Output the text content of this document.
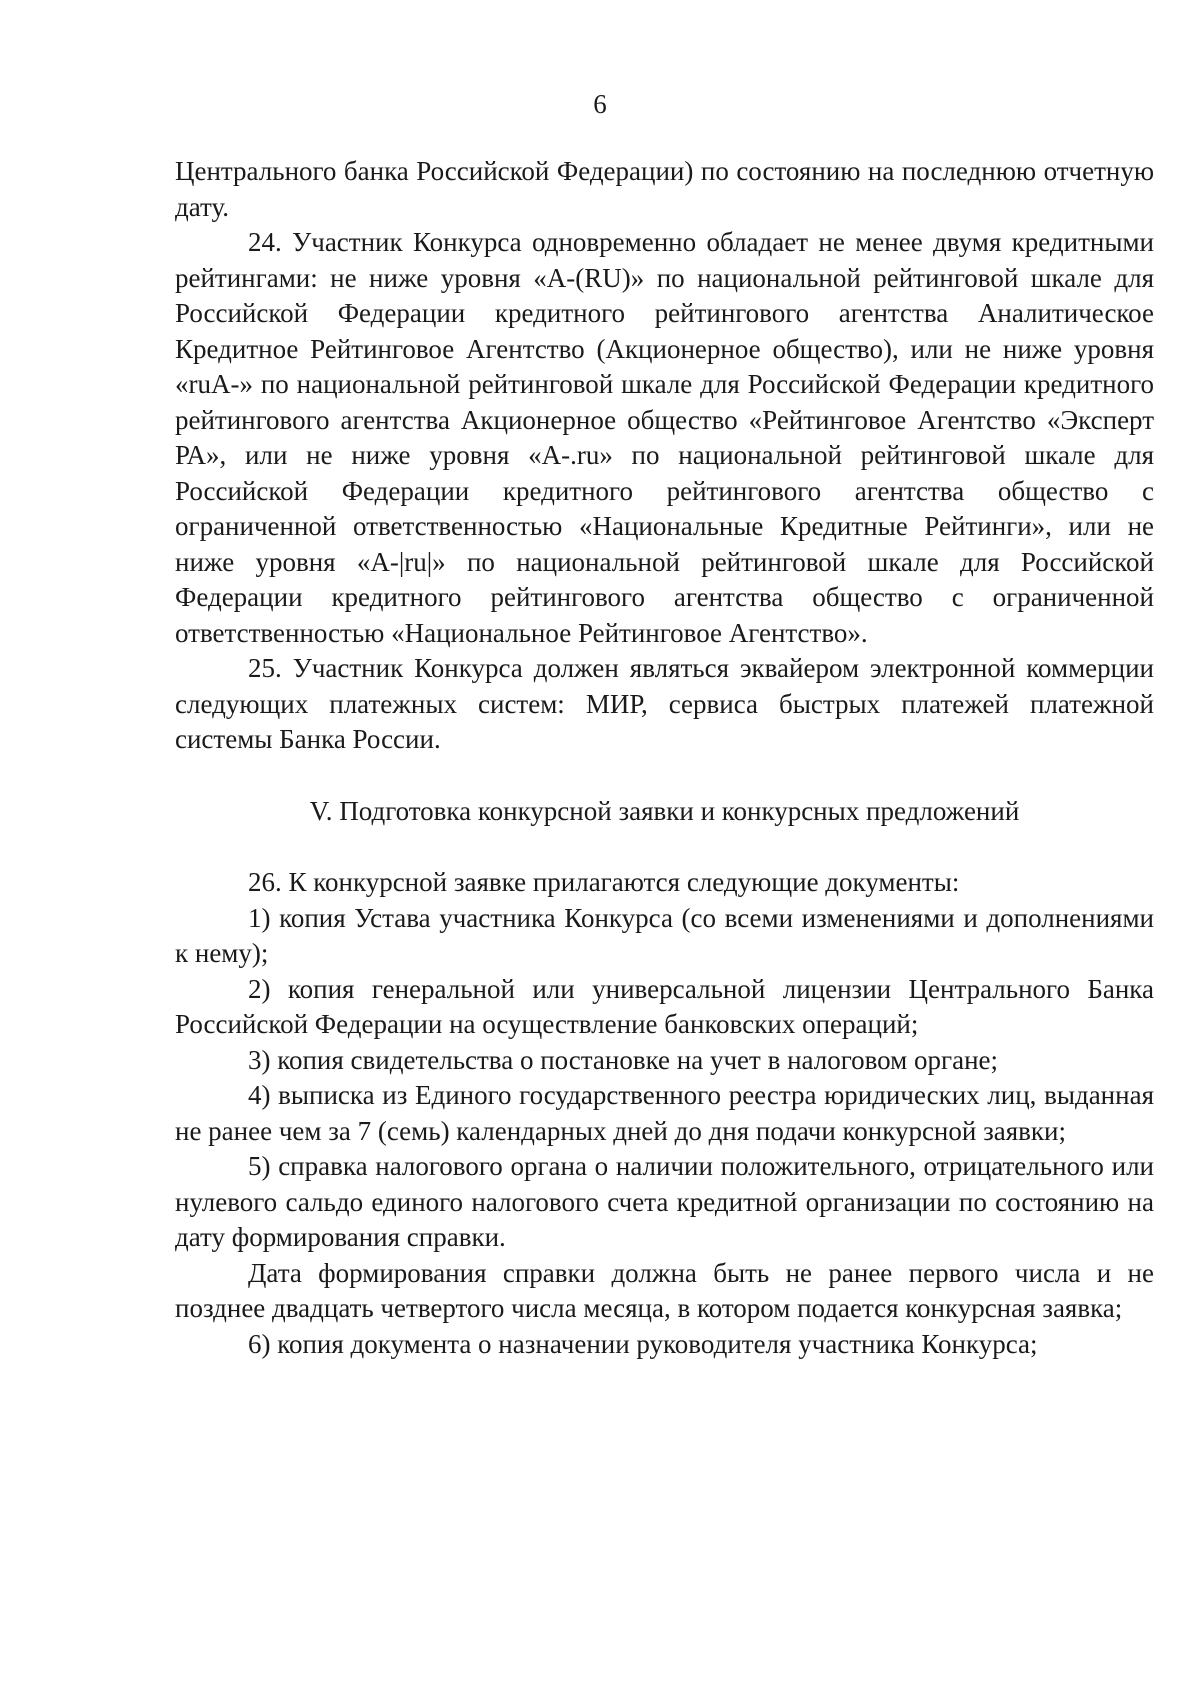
6

Центрального банка Российской Федерации) по состоянию на последнюю отчетную дату.

24. Участник Конкурса одновременно обладает не менее двумя кредитными рейтингами: не ниже уровня «A-(RU)» по национальной рейтинговой шкале для Российской Федерации кредитного рейтингового агентства Аналитическое Кредитное Рейтинговое Агентство (Акционерное общество), или не ниже уровня «ruA-» по национальной рейтинговой шкале для Российской Федерации кредитного рейтингового агентства Акционерное общество «Рейтинговое Агентство «Эксперт РА», или не ниже уровня «A-.ru» по национальной рейтинговой шкале для Российской Федерации кредитного рейтингового агентства общество с ограниченной ответственностью «Национальные Кредитные Рейтинги», или не ниже уровня «A-|ru|» по национальной рейтинговой шкале для Российской Федерации кредитного рейтингового агентства общество с ограниченной ответственностью «Национальное Рейтинговое Агентство».

25. Участник Конкурса должен являться эквайером электронной коммерции следующих платежных систем: МИР, сервиса быстрых платежей платежной системы Банка России.

V. Подготовка конкурсной заявки и конкурсных предложений

26. К конкурсной заявке прилагаются следующие документы:

1) копия Устава участника Конкурса (со всеми изменениями и дополнениями к нему);

2) копия генеральной или универсальной лицензии Центрального Банка Российской Федерации на осуществление банковских операций;

3) копия свидетельства о постановке на учет в налоговом органе;

4) выписка из Единого государственного реестра юридических лиц, выданная не ранее чем за 7 (семь) календарных дней до дня подачи конкурсной заявки;

5) справка налогового органа о наличии положительного, отрицательного или нулевого сальдо единого налогового счета кредитной организации по состоянию на дату формирования справки.

Дата формирования справки должна быть не ранее первого числа и не позднее двадцать четвертого числа месяца, в котором подается конкурсная заявка;

6) копия документа о назначении руководителя участника Конкурса;
